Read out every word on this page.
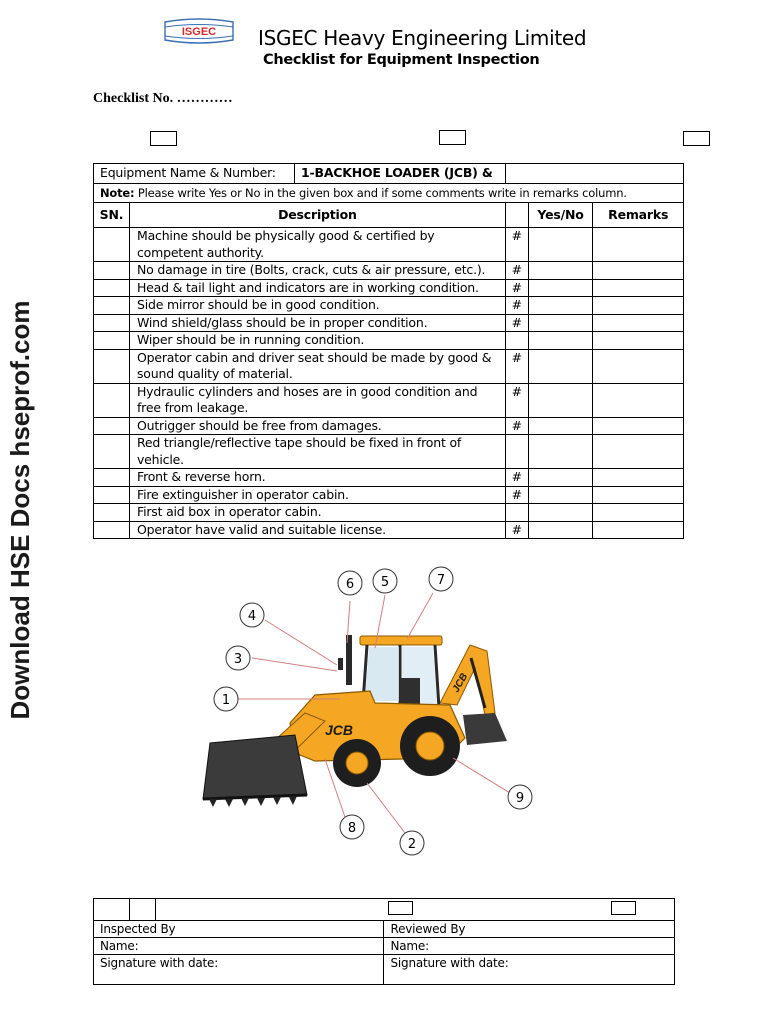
ISGEC ISGEC Heavy Engineering Limited
Checklist for Equipment Inspection
Checklist No. …………
Download HSE Docs hseprof.com
Equipment Name & Number: 1-BACKHOE LOADER (JCB) &				

Note: Please write Yes or No in the given box and if some comments write in remarks column.				
SN.	Description		Yes/No	Remarks
	Machine should be physically good & certified by competent authority.	#		
	No damage in tire (Bolts, crack, cuts & air pressure, etc.).	#		
	Head & tail light and indicators are in working condition.	#		
	Side mirror should be in good condition.	#		
	Wind shield/glass should be in proper condition.	#		
	Wiper should be in running condition.			
	Operator cabin and driver seat should be made by good & sound quality of material.	#		
	Hydraulic cylinders and hoses are in good condition and free from leakage.	#		
	Outrigger should be free from damages.	#		
	Red triangle/reflective tape should be fixed in front of vehicle.			
	Front & reverse horn.	#		
	Fire extinguisher in operator cabin.	#		
	First aid box in operator cabin.			
	Operator have valid and suitable license.	#		
JCB
JCB
1
2
3
4
5
6	7
8
9

Inspected By			Reviewed By
Name:			Name:
Signature with date:			Signature with date:
